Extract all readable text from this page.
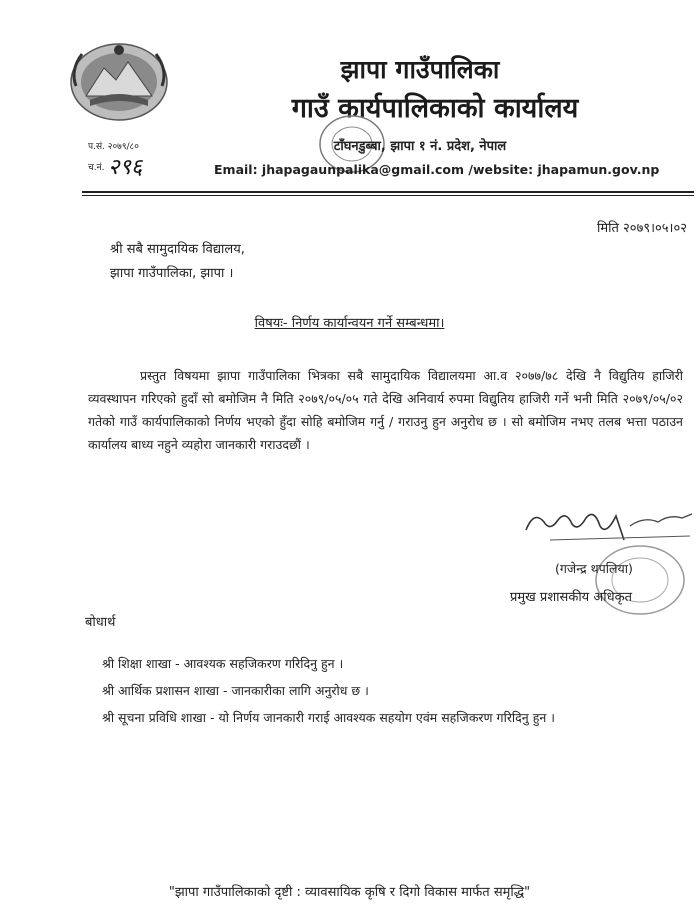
झापा गाउँपालिका
गाउँ कार्यपालिकाको कार्यालय
टाँघनडुब्बा, झापा १ नं. प्रदेश, नेपाल
Email: jhapagaunpalika@gmail.com /website: jhapamun.gov.np
प.सं. २०७९/८०
च.नं. २९६
मिति २०७९।०५।०२
श्री सबै सामुदायिक विद्यालय,
झापा गाउँपालिका, झापा ।
विषयः- निर्णय कार्यान्वयन गर्ने सम्बन्धमा।

प्रस्तुत विषयमा झापा गाउँपालिका भित्रका सबै सामुदायिक विद्यालयमा आ.व २०७७/७८ देखि नै विद्युतिय हाजिरी व्यवस्थापन गरिएको हुदाँ सो बमोजिम नै मिति २०७९/०५/०५ गते देखि अनिवार्य रुपमा विद्युतिय हाजिरी गर्ने भनी मिति २०७९/०५/०२ गतेको गाउँ कार्यपालिकाको निर्णय भएको हुँदा सोहि बमोजिम गर्नु / गराउनु हुन अनुरोध छ । सो बमोजिम नभए तलब भत्ता पठाउन कार्यालय बाध्य नहुने व्यहोरा जानकारी गराउदछौं ।

(गजेन्द्र थपलिया)
प्रमुख प्रशासकीय अधिकृत
बोधार्थ
श्री शिक्षा शाखा - आवश्यक सहजिकरण गरिदिनु हुन ।
श्री आर्थिक प्रशासन शाखा - जानकारीका लागि अनुरोध छ ।
श्री सूचना प्रविधि शाखा - यो निर्णय जानकारी गराई आवश्यक सहयोग एवंम सहजिकरण गरिदिनु हुन ।
"झापा गाउँपालिकाको दृष्टी : व्यावसायिक कृषि र दिगो विकास मार्फत समृद्धि"
